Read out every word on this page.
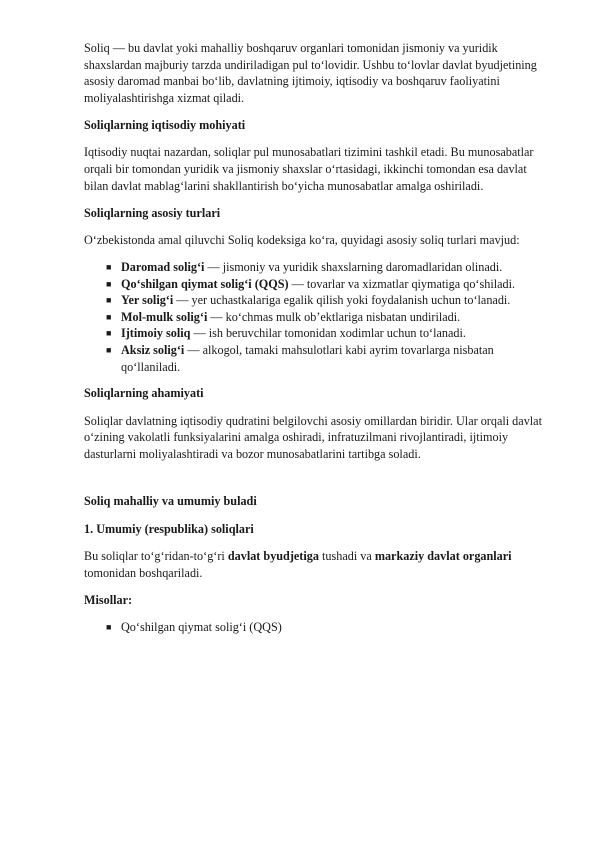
Soliq — bu davlat yoki mahalliy boshqaruv organlari tomonidan jismoniy va yuridik shaxslardan majburiy tarzda undiriladigan pul to‘lovidir. Ushbu to‘lovlar davlat byudjetining asosiy daromad manbai bo‘lib, davlatning ijtimoiy, iqtisodiy va boshqaruv faoliyatini moliyalashtirishga xizmat qiladi.

Soliqlarning iqtisodiy mohiyati

Iqtisodiy nuqtai nazardan, soliqlar pul munosabatlari tizimini tashkil etadi. Bu munosabatlar orqali bir tomondan yuridik va jismoniy shaxslar o‘rtasidagi, ikkinchi tomondan esa davlat bilan davlat mablag‘larini shakllantirish bo‘yicha munosabatlar amalga oshiriladi.

Soliqlarning asosiy turlari

O‘zbekistonda amal qiluvchi Soliq kodeksiga ko‘ra, quyidagi asosiy soliq turlari mavjud:

■ Daromad solig‘i — jismoniy va yuridik shaxslarning daromadlaridan olinadi.
■ Qo‘shilgan qiymat solig‘i (QQS) — tovarlar va xizmatlar qiymatiga qo‘shiladi.
■ Yer solig‘i — yer uchastkalariga egalik qilish yoki foydalanish uchun to‘lanadi.
■ Mol-mulk solig‘i — ko‘chmas mulk ob’ektlariga nisbatan undiriladi.
■ Ijtimoiy soliq — ish beruvchilar tomonidan xodimlar uchun to‘lanadi.
■ Aksiz solig‘i — alkogol, tamaki mahsulotlari kabi ayrim tovarlarga nisbatan qo‘llaniladi.

Soliqlarning ahamiyati

Soliqlar davlatning iqtisodiy qudratini belgilovchi asosiy omillardan biridir. Ular orqali davlat o‘zining vakolatli funksiyalarini amalga oshiradi, infratuzilmani rivojlantiradi, ijtimoiy dasturlarni moliyalashtiradi va bozor munosabatlarini tartibga soladi.

Soliq mahalliy va umumiy buladi

1. Umumiy (respublika) soliqlari

Bu soliqlar to‘g‘ridan-to‘g‘ri davlat byudjetiga tushadi va markaziy davlat organlari tomonidan boshqariladi.

Misollar:

■ Qo‘shilgan qiymat solig‘i (QQS)
